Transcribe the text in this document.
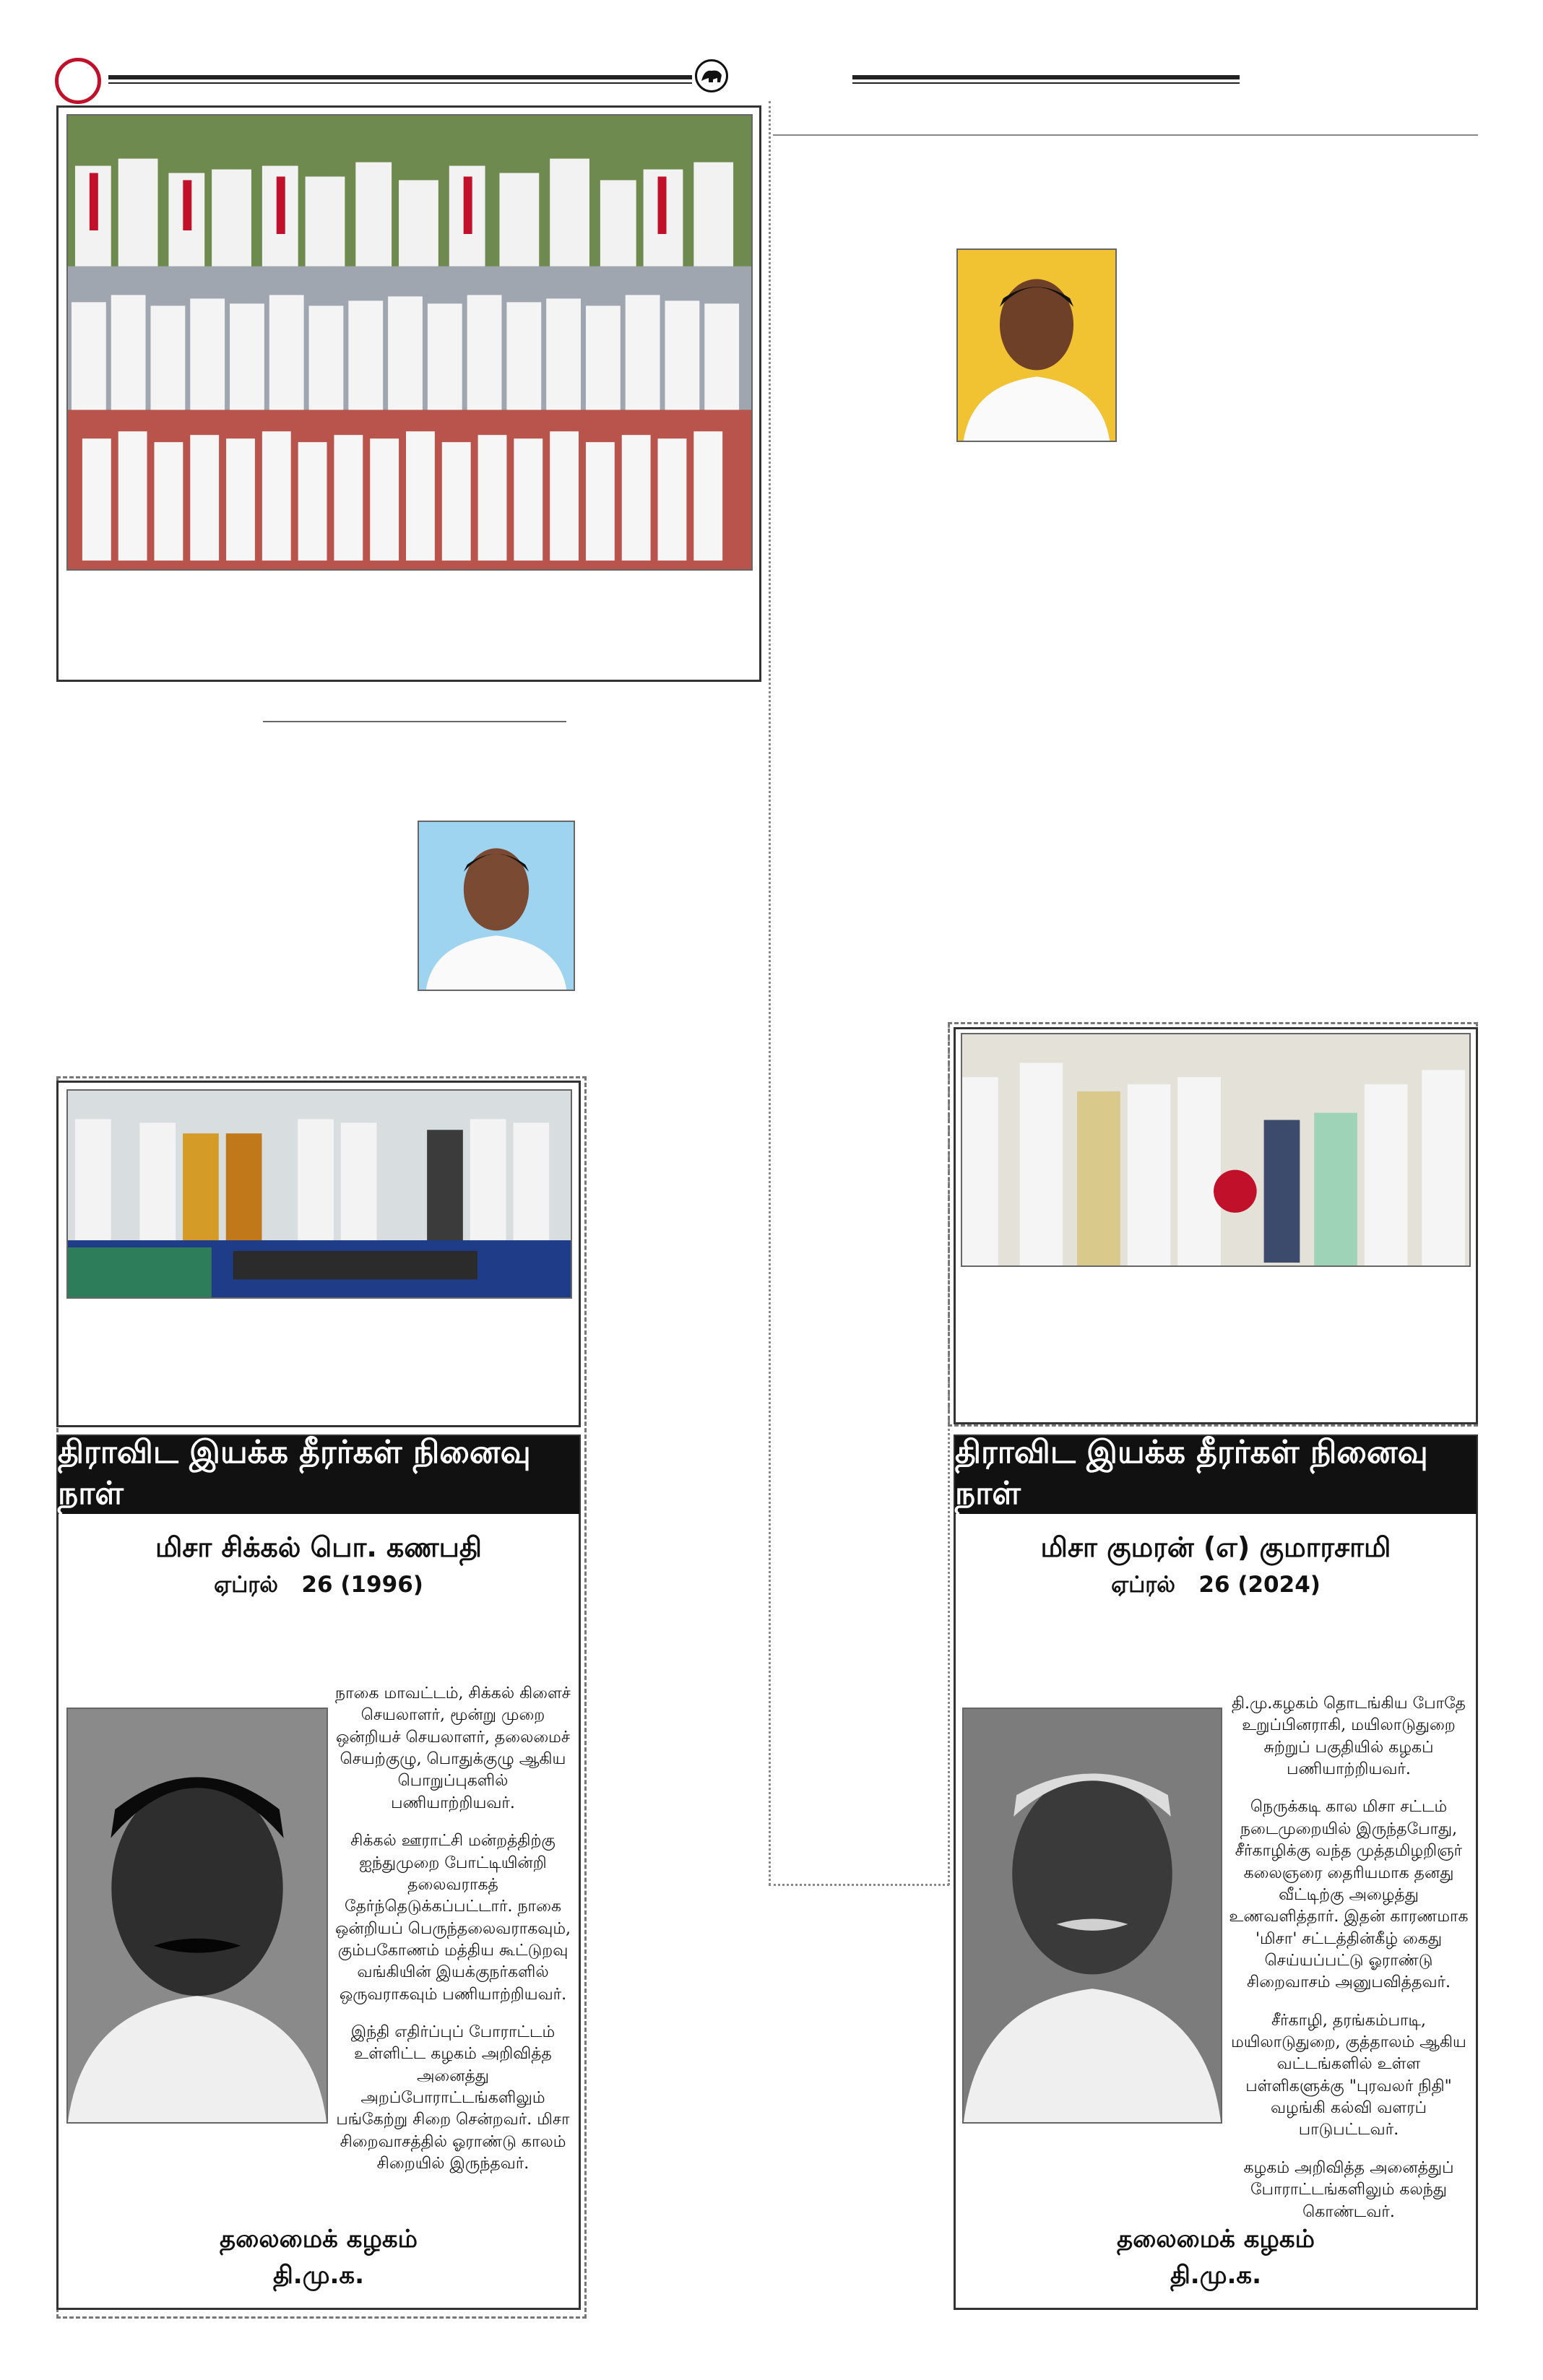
திராவிட இயக்க தீரர்கள் நினைவு நாள்
மிசா சிக்கல் பொ. கணபதி
ஏப்ரல்   26 (1996)

நாகை மாவட்டம், சிக்கல் கிளைச் செயலாளர், மூன்று முறை ஒன்றியச் செயலாளர், தலைமைச் செயற்குழு, பொதுக்குழு ஆகிய பொறுப்புகளில் பணியாற்றியவர்.

சிக்கல் ஊராட்சி மன்றத்திற்கு ஐந்துமுறை போட்டியின்றி தலைவராகத் தேர்ந்தெடுக்கப்பட்டார். நாகை ஒன்றியப் பெருந்தலைவராகவும், கும்பகோணம் மத்திய கூட்டுறவு வங்கியின் இயக்குநர்களில் ஒருவராகவும் பணியாற்றியவர்.

இந்தி எதிர்ப்புப் போராட்டம் உள்ளிட்ட கழகம் அறிவித்த அனைத்து அறப்போராட்டங்களிலும் பங்கேற்று சிறை சென்றவர். மிசா சிறைவாசத்தில் ஓராண்டு காலம் சிறையில் இருந்தவர்.

தலைமைக் கழகம்
தி.மு.க.
திராவிட இயக்க தீரர்கள் நினைவு நாள்
மிசா குமரன் (எ) குமாரசாமி
ஏப்ரல்   26 (2024)

தி.மு.கழகம் தொடங்கிய போதே உறுப்பினராகி, மயிலாடுதுறை சுற்றுப் பகுதியில் கழகப் பணியாற்றியவர்.

நெருக்கடி கால மிசா சட்டம் நடைமுறையில் இருந்தபோது, சீர்காழிக்கு வந்த முத்தமிழறிஞர் கலைஞரை தைரியமாக தனது வீட்டிற்கு அழைத்து உணவளித்தார். இதன் காரணமாக 'மிசா' சட்டத்தின்கீழ் கைது செய்யப்பட்டு ஓராண்டு சிறைவாசம் அனுபவித்தவர்.

சீர்காழி, தரங்கம்பாடி, மயிலாடுதுறை, குத்தாலம் ஆகிய வட்டங்களில் உள்ள பள்ளிகளுக்கு "புரவலர் நிதி" வழங்கி கல்வி வளரப் பாடுபட்டவர்.

கழகம் அறிவித்த அனைத்துப் போராட்டங்களிலும் கலந்து கொண்டவர்.

தலைமைக் கழகம்
தி.மு.க.
